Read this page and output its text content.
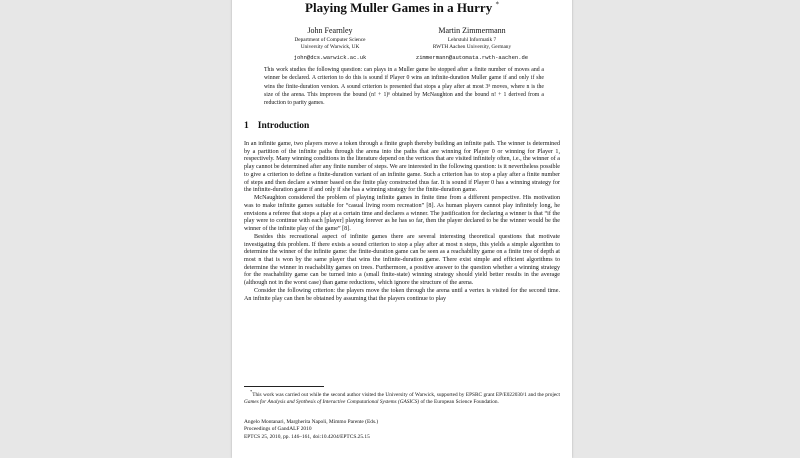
Playing Muller Games in a Hurry *
John Fearnley
Department of Computer Science
University of Warwick, UK
john@dcs.warwick.ac.uk
Martin Zimmermann
Lehrstuhl Informatik 7
RWTH Aachen University, Germany
zimmermann@automata.rwth-aachen.de
This work studies the following question: can plays in a Muller game be stopped after a finite number of moves and a winner be declared. A criterion to do this is sound if Player 0 wins an infinite-duration Muller game if and only if she wins the finite-duration version. A sound criterion is presented that stops a play after at most 3ⁿ moves, where n is the size of the arena. This improves the bound (n! + 1)ⁿ obtained by McNaughton and the bound n! + 1 derived from a reduction to parity games.
1 Introduction

In an infinite game, two players move a token through a finite graph thereby building an infinite path. The winner is determined by a partition of the infinite paths through the arena into the paths that are winning for Player 0 or winning for Player 1, respectively. Many winning conditions in the literature depend on the vertices that are visited infinitely often, i.e., the winner of a play cannot be determined after any finite number of steps. We are interested in the following question: is it nevertheless possible to give a criterion to define a finite-duration variant of an infinite game. Such a criterion has to stop a play after a finite number of steps and then declare a winner based on the finite play constructed thus far. It is sound if Player 0 has a winning strategy for the infinite-duration game if and only if she has a winning strategy for the finite-duration game.

McNaughton considered the problem of playing infinite games in finite time from a different perspective. His motivation was to make infinite games suitable for “casual living room recreation” [8]. As human players cannot play infinitely long, he envisions a referee that stops a play at a certain time and declares a winner. The justification for declaring a winner is that “if the play were to continue with each [player] playing forever as he has so far, then the player declared to be the winner would be the winner of the infinite play of the game” [8].

Besides this recreational aspect of infinite games there are several interesting theoretical questions that motivate investigating this problem. If there exists a sound criterion to stop a play after at most n steps, this yields a simple algorithm to determine the winner of the infinite game: the finite-duration game can be seen as a reachability game on a finite tree of depth at most n that is won by the same player that wins the infinite-duration game. There exist simple and efficient algorithms to determine the winner in reachability games on trees. Furthermore, a positive answer to the question whether a winning strategy for the reachability game can be turned into a (small finite-state) winning strategy should yield better results in the average (although not in the worst case) than game reductions, which ignore the structure of the arena.

Consider the following criterion: the players move the token through the arena until a vertex is visited for the second time. An infinite play can then be obtained by assuming that the players continue to play

*This work was carried out while the second author visited the University of Warwick, supported by EPSRC grant EP/E022030/1 and the project Games for Analysis and Synthesis of Interactive Computational Systems (GASICS) of the European Science Foundation.
Angelo Montanari, Margherita Napoli, Mimmo Parente (Eds.)
Proceedings of GandALF 2010
EPTCS 25, 2010, pp. 146–161, doi:10.4204/EPTCS.25.15
